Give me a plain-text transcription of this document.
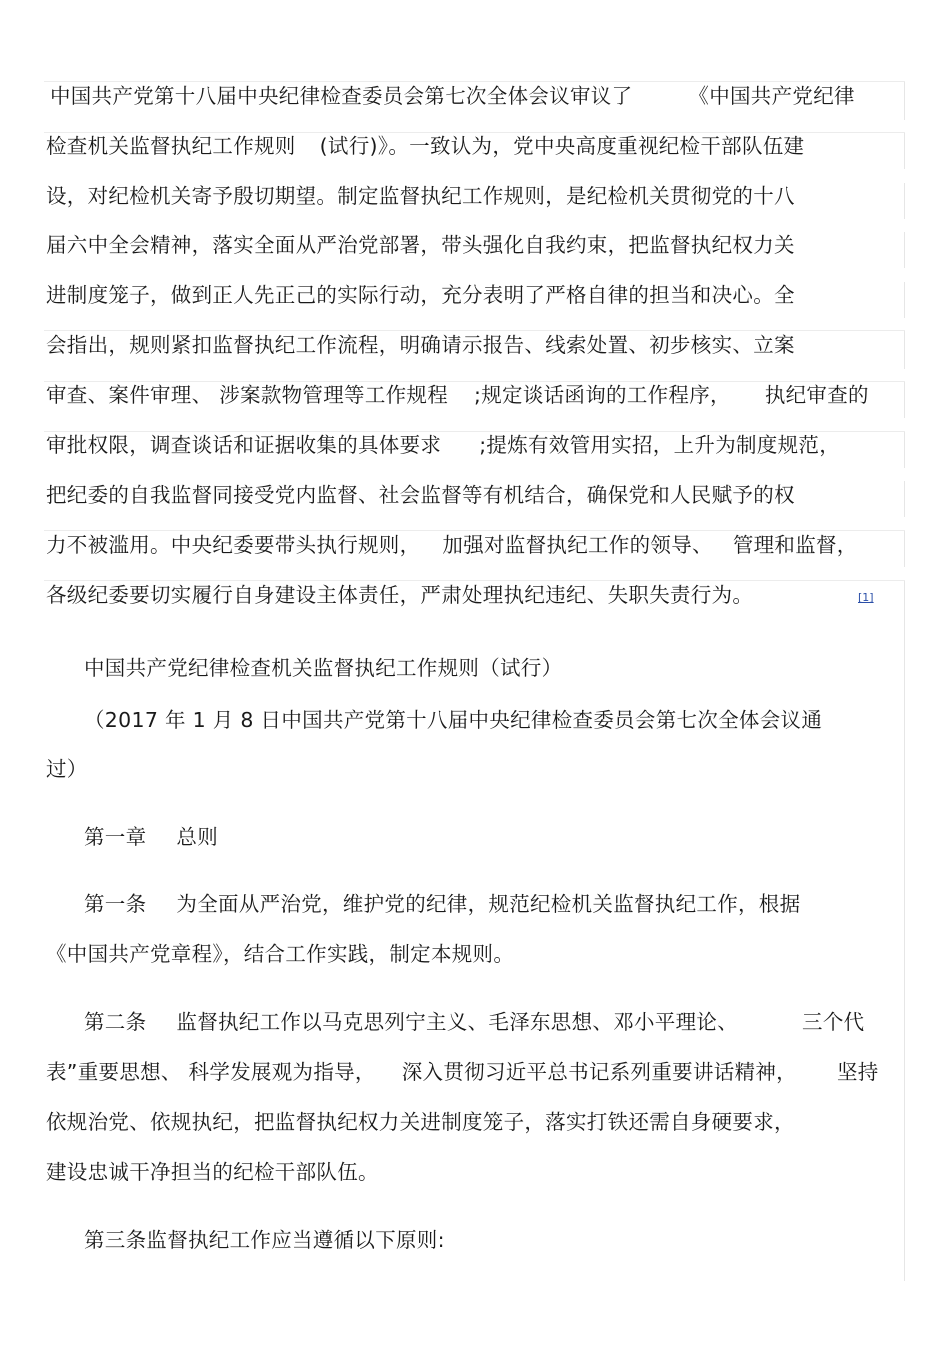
中国共产党第十八届中央纪律检查委员会第七次全体会议审议了	《中国共产党纪律
检查机关监督执纪工作规则 (试行)》。一致认为，党中央高度重视纪检干部队伍建
设，对纪检机关寄予殷切期望。制定监督执纪工作规则，是纪检机关贯彻党的十八
届六中全会精神，落实全面从严治党部署，带头强化自我约束，把监督执纪权力关
进制度笼子，做到正人先正己的实际行动，充分表明了严格自律的担当和决心。全
会指出，规则紧扣监督执纪工作流程，明确请示报告、线索处置、初步核实、立案
审查、案件审理、 涉案款物管理等工作规程 ;规定谈话函询的工作程序， 执纪审查的
审批权限，调查谈话和证据收集的具体要求 ;提炼有效管用实招，上升为制度规范，
把纪委的自我监督同接受党内监督、社会监督等有机结合，确保党和人民赋予的权
力不被滥用。中央纪委要带头执行规则， 加强对监督执纪工作的领导、 管理和监督，
各级纪委要切实履行自身建设主体责任，严肃处理执纪违纪、失职失责行为。	[1]
中国共产党纪律检查机关监督执纪工作规则（试行）
（2017 年 1 月 8 日中国共产党第十八届中央纪律检查委员会第七次全体会议通
过）
第一章 总则
第一条 为全面从严治党，维护党的纪律，规范纪检机关监督执纪工作，根据
《中国共产党章程》，结合工作实践，制定本规则。
第二条 监督执纪工作以马克思列宁主义、毛泽东思想、邓小平理论、	三个代
表”重要思想、 科学发展观为指导， 深入贯彻习近平总书记系列重要讲话精神， 坚持
依规治党、依规执纪，把监督执纪权力关进制度笼子，落实打铁还需自身硬要求，
建设忠诚干净担当的纪检干部队伍。
第三条监督执纪工作应当遵循以下原则:
